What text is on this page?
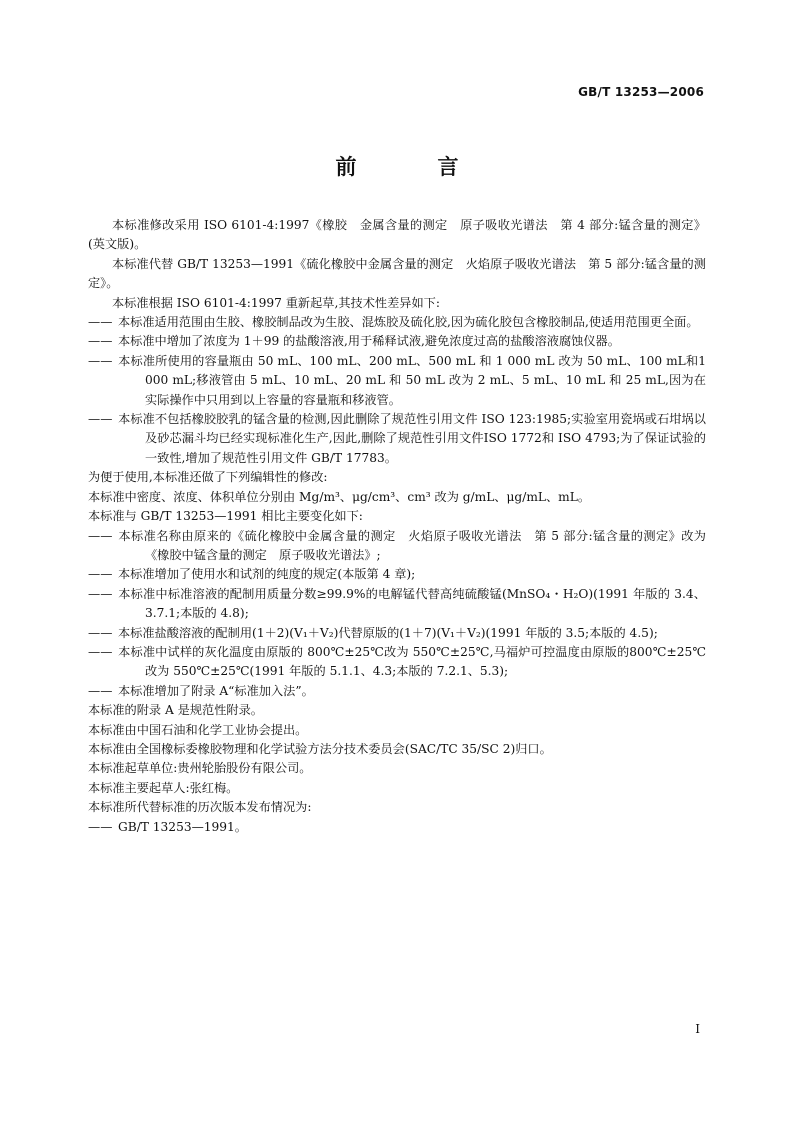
GB/T 13253—2006
前　言

本标准修改采用 ISO 6101-4:1997《橡胶　金属含量的测定　原子吸收光谱法　第 4 部分:锰含量的测定》(英文版)。

本标准代替 GB/T 13253—1991《硫化橡胶中金属含量的测定　火焰原子吸收光谱法　第 5 部分:锰含量的测定》。

本标准根据 ISO 6101-4:1997 重新起草,其技术性差异如下:

—— 本标准适用范围由生胶、橡胶制品改为生胶、混炼胶及硫化胶,因为硫化胶包含橡胶制品,使适用范围更全面。

—— 本标准中增加了浓度为 1＋99 的盐酸溶液,用于稀释试液,避免浓度过高的盐酸溶液腐蚀仪器。

—— 本标准所使用的容量瓶由 50 mL、100 mL、200 mL、500 mL 和 1 000 mL 改为 50 mL、100 mL和1 000 mL;移液管由 5 mL、10 mL、20 mL 和 50 mL 改为 2 mL、5 mL、10 mL 和 25 mL,因为在实际操作中只用到以上容量的容量瓶和移液管。

—— 本标准不包括橡胶胶乳的锰含量的检测,因此删除了规范性引用文件 ISO 123:1985;实验室用瓷埚或石坩埚以及砂芯漏斗均已经实现标准化生产,因此,删除了规范性引用文件ISO 1772和 ISO 4793;为了保证试验的一致性,增加了规范性引用文件 GB/T 17783。

为便于使用,本标准还做了下列编辑性的修改:

本标准中密度、浓度、体积单位分别由 Mg/m³、μg/cm³、cm³ 改为 g/mL、μg/mL、mL。

本标准与 GB/T 13253—1991 相比主要变化如下:

—— 本标准名称由原来的《硫化橡胶中金属含量的测定　火焰原子吸收光谱法　第 5 部分:锰含量的测定》改为《橡胶中锰含量的测定　原子吸收光谱法》;

—— 本标准增加了使用水和试剂的纯度的规定(本版第 4 章);

—— 本标准中标准溶液的配制用质量分数≥99.9%的电解锰代替高纯硫酸锰(MnSO₄・H₂O)(1991 年版的 3.4、3.7.1;本版的 4.8);

—— 本标准盐酸溶液的配制用(1＋2)(V₁＋V₂)代替原版的(1＋7)(V₁＋V₂)(1991 年版的 3.5;本版的 4.5);

—— 本标准中试样的灰化温度由原版的 800℃±25℃改为 550℃±25℃,马福炉可控温度由原版的800℃±25℃改为 550℃±25℃(1991 年版的 5.1.1、4.3;本版的 7.2.1、5.3);

—— 本标准增加了附录 A“标准加入法”。

本标准的附录 A 是规范性附录。

本标准由中国石油和化学工业协会提出。

本标准由全国橡标委橡胶物理和化学试验方法分技术委员会(SAC/TC 35/SC 2)归口。

本标准起草单位:贵州轮胎股份有限公司。

本标准主要起草人:张红梅。

本标准所代替标准的历次版本发布情况为:

—— GB/T 13253—1991。

I
